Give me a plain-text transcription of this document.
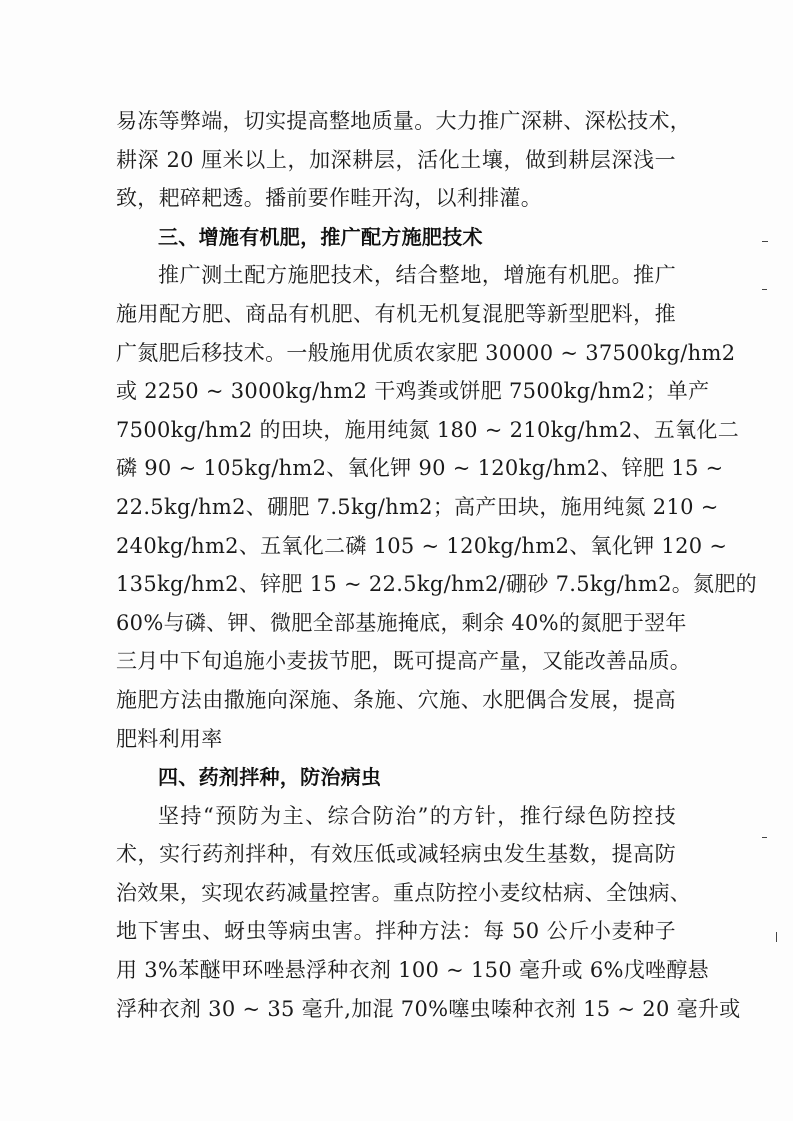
易冻等弊端，切实提高整地质量。大力推广深耕、深松技术，
耕深 20 厘米以上，加深耕层，活化土壤，做到耕层深浅一
致，耙碎耙透。播前要作畦开沟，以利排灌。
三、增施有机肥，推广配方施肥技术
推广测土配方施肥技术，结合整地，增施有机肥。推广
施用配方肥、商品有机肥、有机无机复混肥等新型肥料，推
广氮肥后移技术。一般施用优质农家肥 30000 ~ 37500kg/hm2
或 2250 ~ 3000kg/hm2 干鸡粪或饼肥 7500kg/hm2；单产
7500kg/hm2 的田块，施用纯氮 180 ~ 210kg/hm2、五氧化二
磷 90 ~ 105kg/hm2、氧化钾 90 ~ 120kg/hm2、锌肥 15 ~
22.5kg/hm2、硼肥 7.5kg/hm2；高产田块，施用纯氮 210 ~
240kg/hm2、五氧化二磷 105 ~ 120kg/hm2、氧化钾 120 ~
135kg/hm2、锌肥 15 ~ 22.5kg/hm2/硼砂 7.5kg/hm2。氮肥的
60%与磷、钾、微肥全部基施掩底，剩余 40%的氮肥于翌年
三月中下旬追施小麦拔节肥，既可提高产量，又能改善品质。
施肥方法由撒施向深施、条施、穴施、水肥偶合发展，提高
肥料利用率
四、药剂拌种，防治病虫
坚持“预防为主、综合防治”的方针，推行绿色防控技
术，实行药剂拌种，有效压低或减轻病虫发生基数，提高防
治效果，实现农药减量控害。重点防控小麦纹枯病、全蚀病、
地下害虫、蚜虫等病虫害。拌种方法：每 50 公斤小麦种子
用 3%苯醚甲环唑悬浮种衣剂 100 ~ 150 毫升或 6%戊唑醇悬
浮种衣剂 30 ~ 35 毫升,加混 70%噻虫嗪种衣剂 15 ~ 20 毫升或
